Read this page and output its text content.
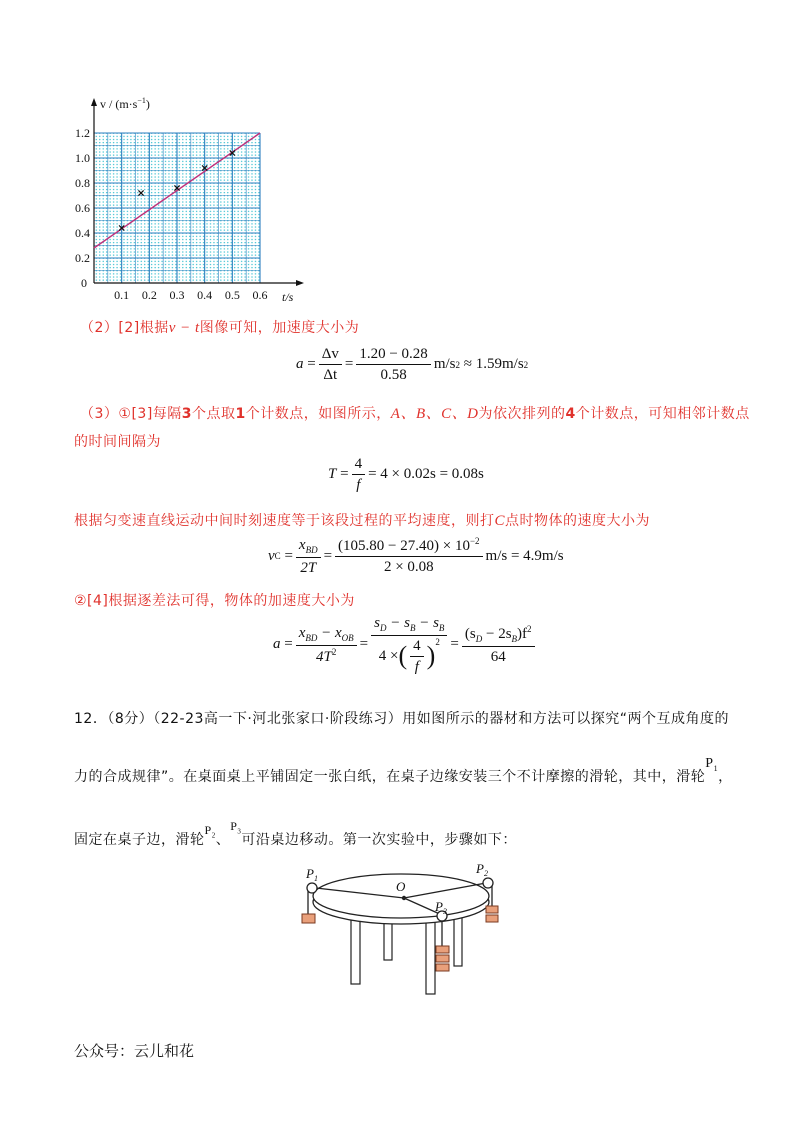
0.2
0.4
0.6
0.8
1.0
1.2
0.1 0.2 0.3 0.4 0.5 0.6
0
$v / (m\cdot s^{-1})$
t/s
（2）[2]根据v − t图像可知，加速度大小为
$a = \frac{\Delta v}{\Delta t} = \frac{1.20 - 0.28}{0.58} m/s$ 2
≈ 1.59m/s 2
（3）①[3]每隔3个点取1个计数点，如图所示，A、B、C、D为依次排列的4个计数点，可知相邻计数点
的时间间隔为
$T = \frac{4}{f} = 4 \times 0.02s = 0.08s$
根据匀变速直线运动中间时刻速度等于该段过程的平均速度，则打C点时物体的速度大小为
v $C = \frac{x_{BD}}{2T} = \frac{(105.80 - 27.40) \times 10^{-2}}{2 \times 0.08} m/s = 4.9m/s$
②[4]根据逐差法可得，物体的加速度大小为
$a = \frac{x_{BD} - x_{OB}}{4T^2} = \frac{s_D - s_B - s_B}{4 \times ( \frac{4}{f} )^2} = \frac{(s_D - 2s_B)f^2}{64}$
12．（8分）（22-23高一下·河北张家口·阶段练习）用如图所示的器材和方法可以探究“两个互成角度的
力的合成规律”。在桌面桌上平铺固定一张白纸，在桌子边缘安装三个不计摩擦的滑轮，其中，滑轮$P_1$，
固定在桌子边，滑轮$P_2$、$P_3$可沿桌边移动。第一次实验中，步骤如下：
$P_1$
$P_2$
$P_3$
O
公众号：云儿和花
